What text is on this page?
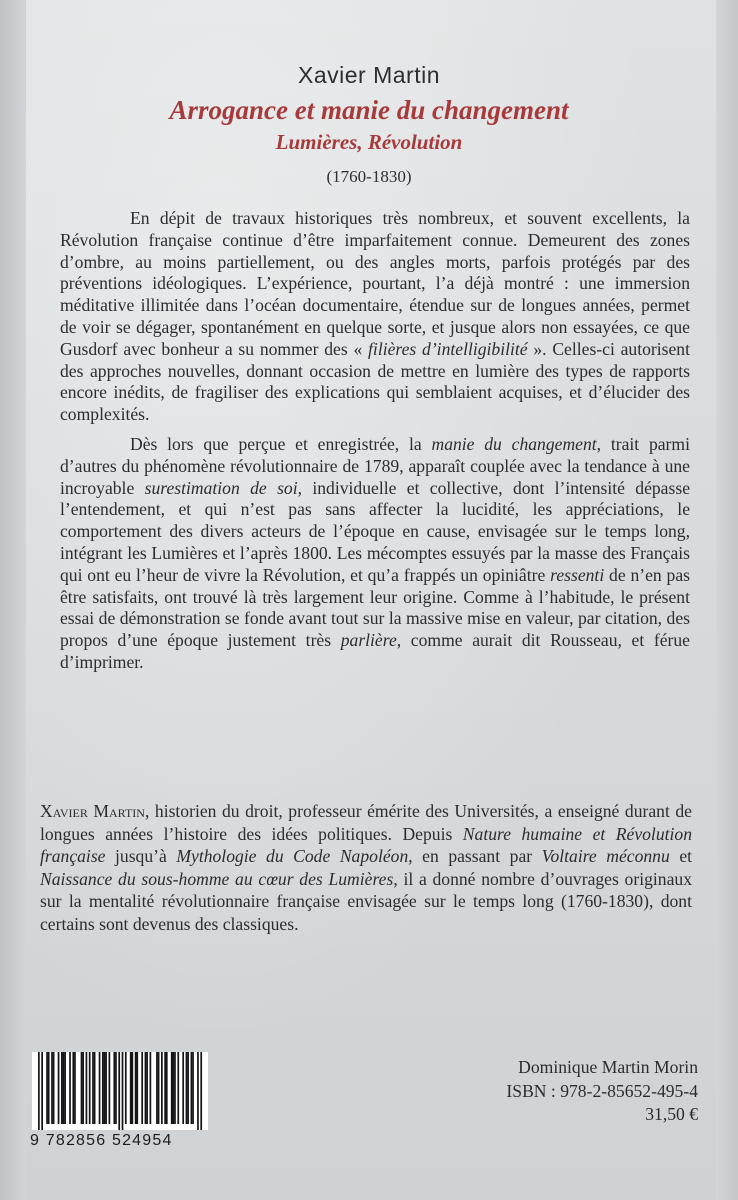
Xavier Martin
Arrogance et manie du changement
Lumières, Révolution
(1760-1830)

En dépit de travaux historiques très nombreux, et souvent excellents, la Révolution française continue d’être imparfaitement connue. Demeurent des zones d’ombre, au moins partiellement, ou des angles morts, parfois protégés par des préventions idéologiques. L’expérience, pourtant, l’a déjà montré : une immersion méditative illimitée dans l’océan documentaire, étendue sur de longues années, permet de voir se dégager, spontanément en quelque sorte, et jusque alors non essayées, ce que Gusdorf avec bonheur a su nommer des « filières d’intelligibilité ». Celles-ci autorisent des approches nouvelles, donnant occasion de mettre en lumière des types de rapports encore inédits, de fragiliser des explications qui semblaient acquises, et d’élucider des complexités.

Dès lors que perçue et enregistrée, la manie du changement, trait parmi d’autres du phénomène révolutionnaire de 1789, apparaît couplée avec la tendance à une incroyable surestimation de soi, individuelle et collective, dont l’intensité dépasse l’entendement, et qui n’est pas sans affecter la lucidité, les appréciations, le comportement des divers acteurs de l’époque en cause, envisagée sur le temps long, intégrant les Lumières et l’après 1800. Les mécomptes essuyés par la masse des Français qui ont eu l’heur de vivre la Révolution, et qu’a frappés un opiniâtre ressenti de n’en pas être satisfaits, ont trouvé là très largement leur origine. Comme à l’habitude, le présent essai de démonstration se fonde avant tout sur la massive mise en valeur, par citation, des propos d’une époque justement très parlière, comme aurait dit Rousseau, et férue d’imprimer.

Xavier Martin, historien du droit, professeur émérite des Universités, a enseigné durant de longues années l’histoire des idées politiques. Depuis Nature humaine et Révolution française jusqu’à Mythologie du Code Napoléon, en passant par Voltaire méconnu et Naissance du sous-homme au cœur des Lumières, il a donné nombre d’ouvrages originaux sur la mentalité révolutionnaire française envisagée sur le temps long (1760-1830), dont certains sont devenus des classiques.

9 782856 524954
Dominique Martin Morin
ISBN : 978-2-85652-495-4
31,50 €
